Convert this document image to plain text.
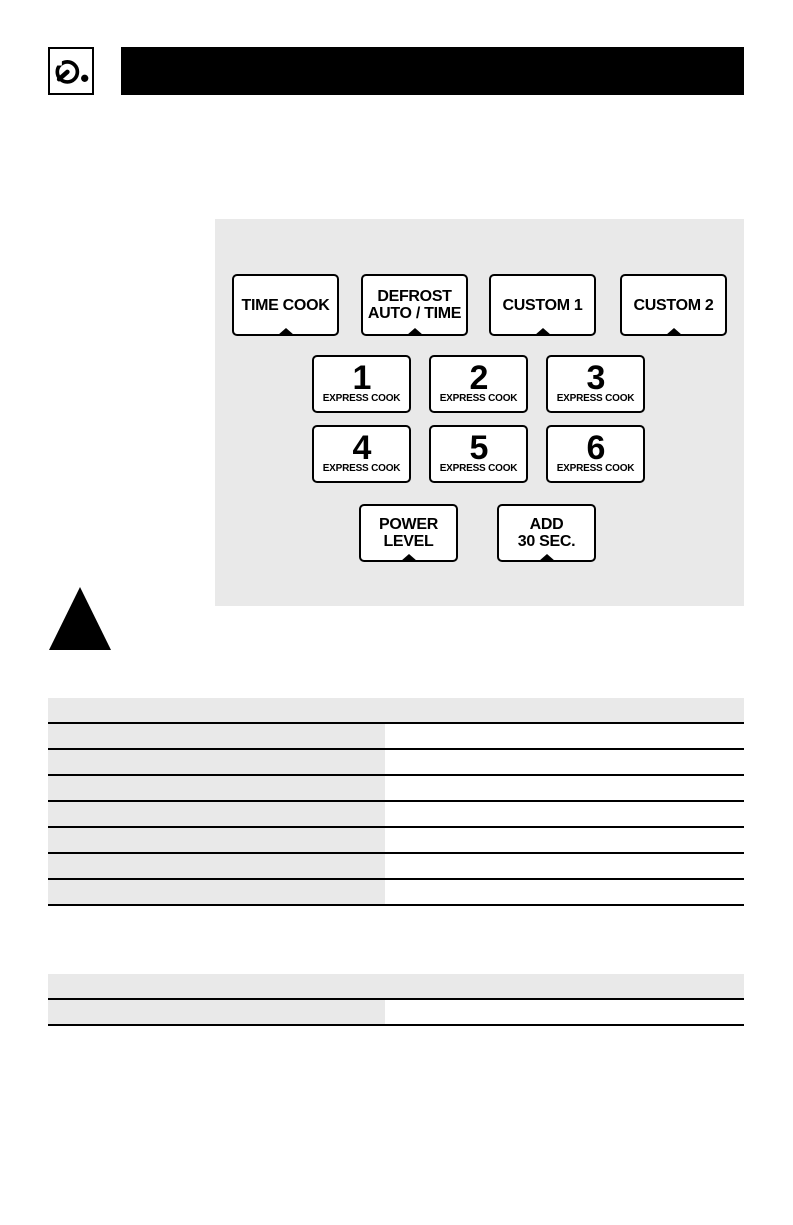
TIME COOK	DEFROST
AUTO / TIME	CUSTOM 1	CUSTOM 2
1
EXPRESS COOK
2
EXPRESS COOK
3
EXPRESS COOK
4
EXPRESS COOK
5
EXPRESS COOK
6
EXPRESS COOK
POWER
LEVEL
ADD
30 SEC.
